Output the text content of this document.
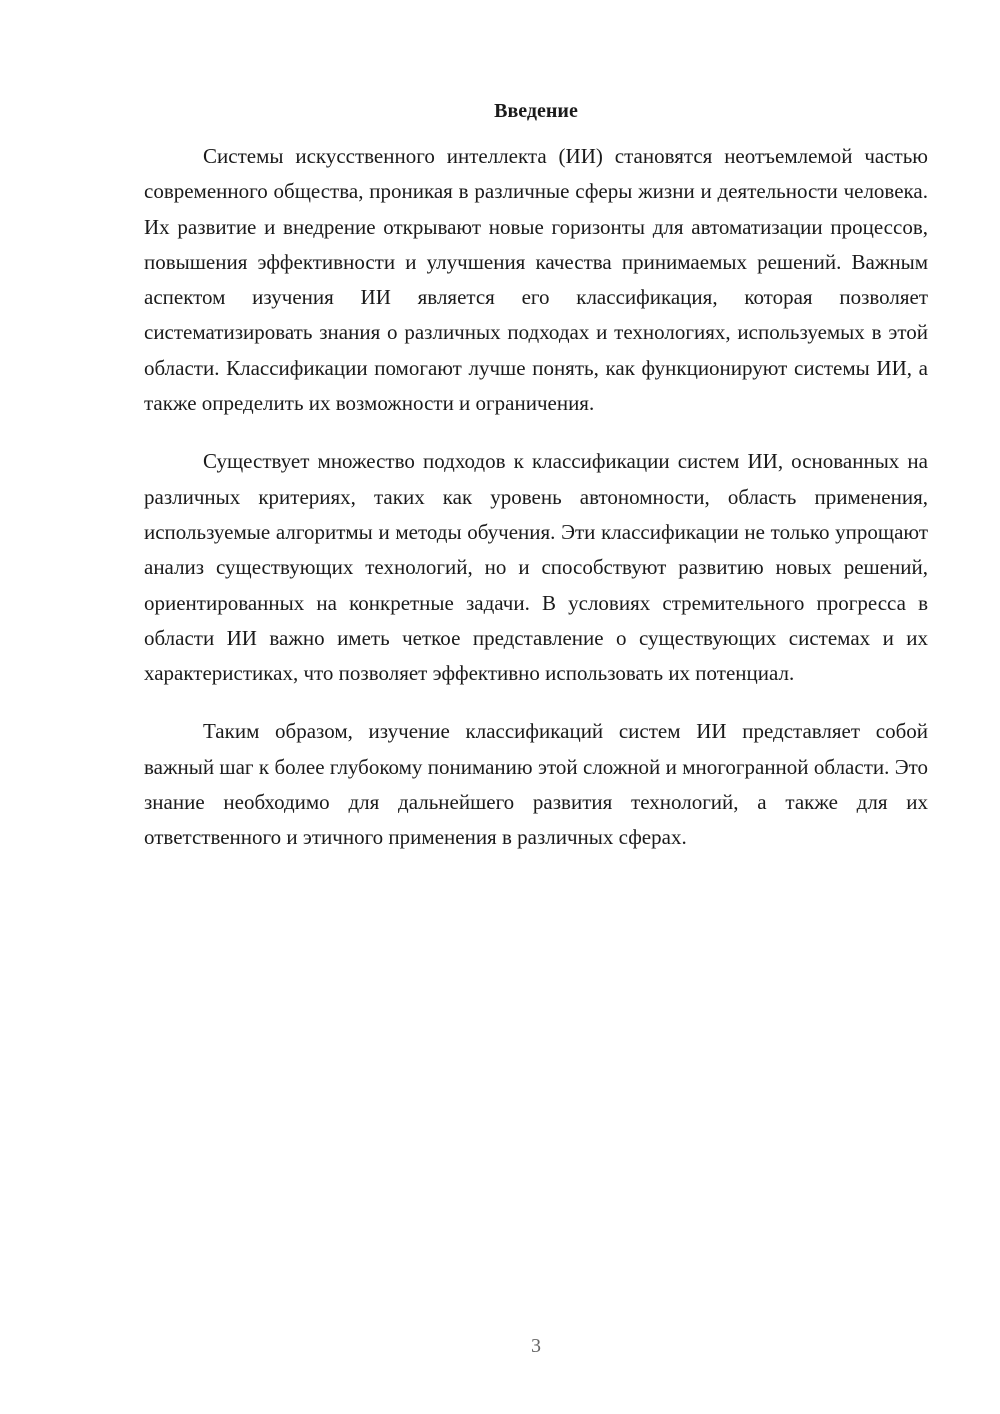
Введение

Системы искусственного интеллекта (ИИ) становятся неотъемлемой частью современного общества, проникая в различные сферы жизни и деятельности человека. Их развитие и внедрение открывают новые горизонты для автоматизации процессов, повышения эффективности и улучшения качества принимаемых решений. Важным аспектом изучения ИИ является его классификация, которая позволяет систематизировать знания о различных подходах и технологиях, используемых в этой области. Классификации помогают лучше понять, как функционируют системы ИИ, а также определить их возможности и ограничения.

Существует множество подходов к классификации систем ИИ, основанных на различных критериях, таких как уровень автономности, область применения, используемые алгоритмы и методы обучения. Эти классификации не только упрощают анализ существующих технологий, но и способствуют развитию новых решений, ориентированных на конкретные задачи. В условиях стремительного прогресса в области ИИ важно иметь четкое представление о существующих системах и их характеристиках, что позволяет эффективно использовать их потенциал.

Таким образом, изучение классификаций систем ИИ представляет собой важный шаг к более глубокому пониманию этой сложной и многогранной области. Это знание необходимо для дальнейшего развития технологий, а также для их ответственного и этичного применения в различных сферах.

3
